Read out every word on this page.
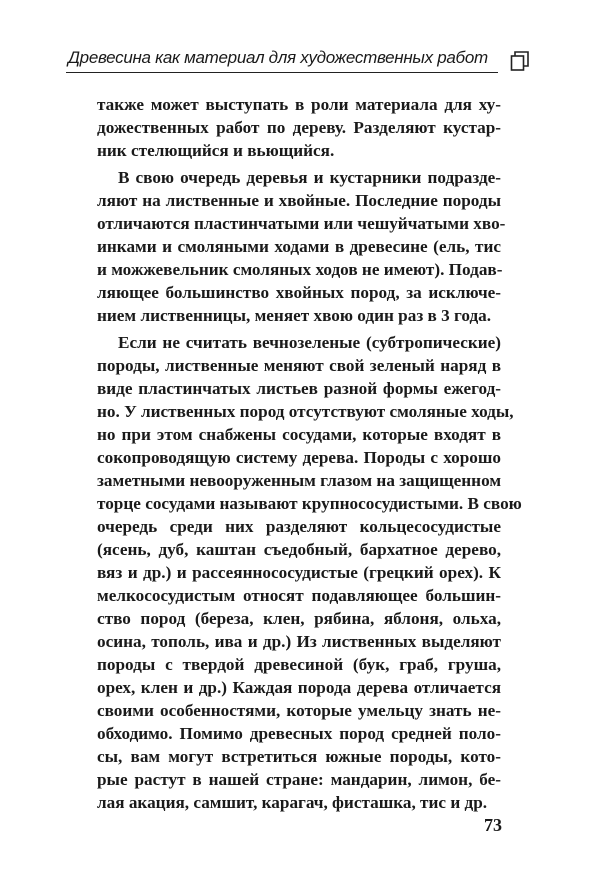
Древесина как материал для художественных работ
также может выступать в роли материала для ху-
дожественных работ по дереву. Разделяют кустар-
ник стелющийся и вьющийся.
В свою очередь деревья и кустарники подразде-
ляют на лиственные и хвойные. Последние породы
отличаются пластинчатыми или чешуйчатыми хво-
инками и смоляными ходами в древесине (ель, тис
и можжевельник смоляных ходов не имеют). Подав-
ляющее большинство хвойных пород, за исключе-
нием лиственницы, меняет хвою один раз в 3 года.
Если не считать вечнозеленые (субтропические)
породы, лиственные меняют свой зеленый наряд в
виде пластинчатых листьев разной формы ежегод-
но. У лиственных пород отсутствуют смоляные ходы,
но при этом снабжены сосудами, которые входят в
сокопроводящую систему дерева. Породы с хорошо
заметными невооруженным глазом на защищенном
торце сосудами называют крупнососудистыми. В свою
очередь среди них разделяют кольцесосудистые
(ясень, дуб, каштан съедобный, бархатное дерево,
вяз и др.) и рассеяннососудистые (грецкий орех). К
мелкососудистым относят подавляющее большин-
ство пород (береза, клен, рябина, яблоня, ольха,
осина, тополь, ива и др.) Из лиственных выделяют
породы с твердой древесиной (бук, граб, груша,
орех, клен и др.) Каждая порода дерева отличается
своими особенностями, которые умельцу знать не-
обходимо. Помимо древесных пород средней поло-
сы, вам могут встретиться южные породы, кото-
рые растут в нашей стране: мандарин, лимон, бе-
лая акация, самшит, карагач, фисташка, тис и др.
73
